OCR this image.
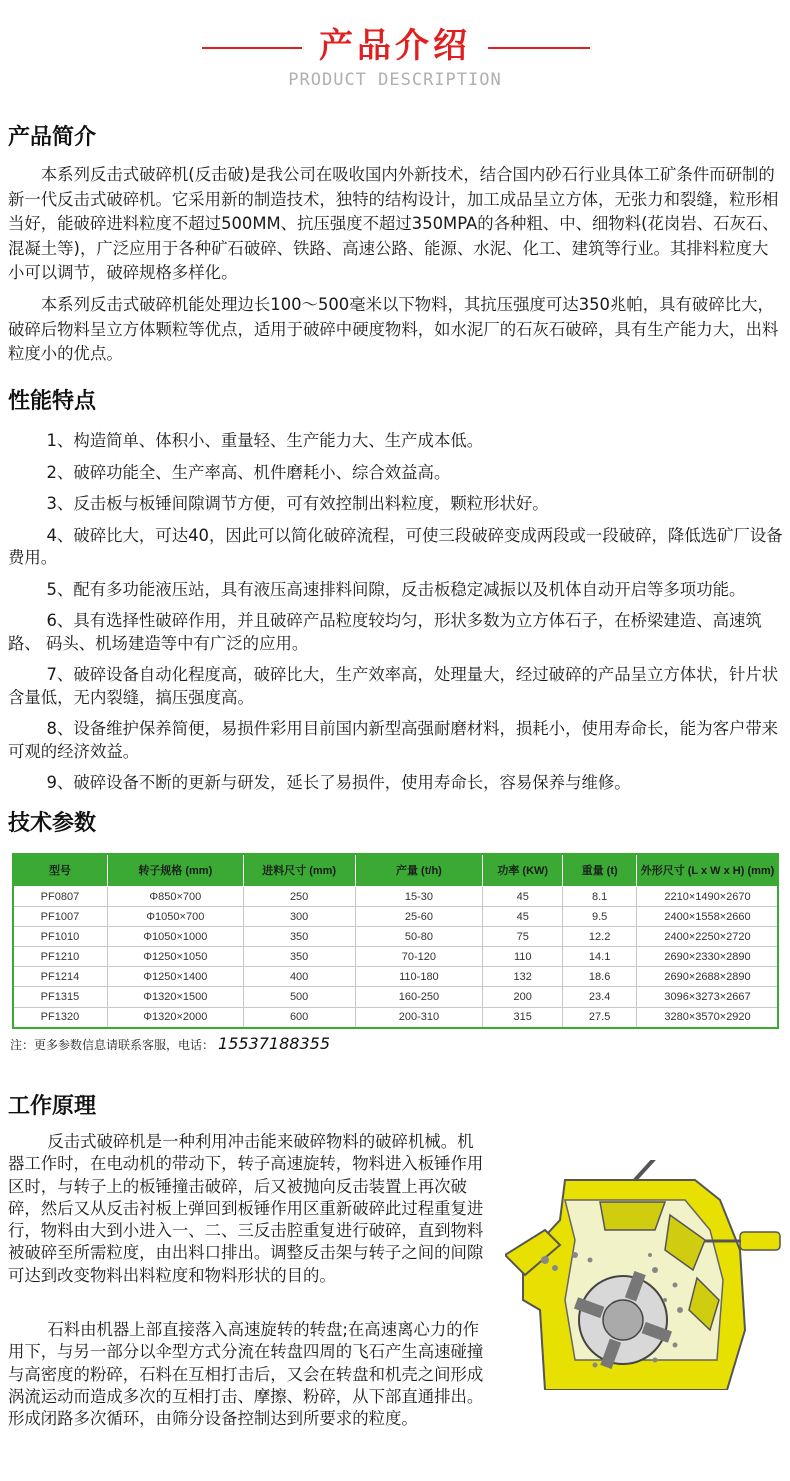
产品介绍
PRODUCT DESCRIPTION
产品简介

本系列反击式破碎机(反击破)是我公司在吸收国内外新技术，结合国内砂石行业具体工矿条件而研制的新一代反击式破碎机。它采用新的制造技术，独特的结构设计，加工成品呈立方体，无张力和裂缝，粒形相当好，能破碎进料粒度不超过500MM、抗压强度不超过350MPA的各种粗、中、细物料(花岗岩、石灰石、混凝土等)，广泛应用于各种矿石破碎、铁路、高速公路、能源、水泥、化工、建筑等行业。其排料粒度大小可以调节，破碎规格多样化。

本系列反击式破碎机能处理边长100～500毫米以下物料，其抗压强度可达350兆帕，具有破碎比大，破碎后物料呈立方体颗粒等优点，适用于破碎中硬度物料，如水泥厂的石灰石破碎，具有生产能力大，出料粒度小的优点。

性能特点

1、构造简单、体积小、重量轻、生产能力大、生产成本低。

2、破碎功能全、生产率高、机件磨耗小、综合效益高。

3、反击板与板锤间隙调节方便，可有效控制出料粒度，颗粒形状好。

4、破碎比大，可达40，因此可以简化破碎流程，可使三段破碎变成两段或一段破碎，降低选矿厂设备费用。

5、配有多功能液压站，具有液压高速排料间隙，反击板稳定减振以及机体自动开启等多项功能。

6、具有选择性破碎作用，并且破碎产品粒度较均匀，形状多数为立方体石子，在桥梁建造、高速筑路、 码头、机场建造等中有广泛的应用。

7、破碎设备自动化程度高，破碎比大，生产效率高，处理量大，经过破碎的产品呈立方体状，针片状含量低，无内裂缝，搞压强度高。

8、设备维护保养简便，易损件彩用目前国内新型高强耐磨材料，损耗小，使用寿命长，能为客户带来可观的经济效益。

9、破碎设备不断的更新与研发，延长了易损件，使用寿命长，容易保养与维修。

技术参数
型号	转子规格 (mm)	进料尺寸 (mm)	产量 (t/h)	功率 (KW)	重量 (t)	外形尺寸 (L x W x H) (mm)
PF0807	Φ850×700	250	15-30	45	8.1	2210×1490×2670
PF1007	Φ1050×700	300	25-60	45	9.5	2400×1558×2660
PF1010	Φ1050×1000	350	50-80	75	12.2	2400×2250×2720
PF1210	Φ1250×1050	350	70-120	110	14.1	2690×2330×2890
PF1214	Φ1250×1400	400	110-180	132	18.6	2690×2688×2890
PF1315	Φ1320×1500	500	160-250	200	23.4	3096×3273×2667
PF1320	Φ1320×2000	600	200-310	315	27.5	3280×3570×2920
注：更多参数信息请联系客服，电话： 15537188355
工作原理

反击式破碎机是一种利用冲击能来破碎物料的破碎机械。机器工作时，在电动机的带动下，转子高速旋转，物料进入板锤作用区时，与转子上的板锤撞击破碎，后又被抛向反击装置上再次破碎，然后又从反击衬板上弹回到板锤作用区重新破碎此过程重复进行，物料由大到小进入一、二、三反击腔重复进行破碎，直到物料被破碎至所需粒度，由出料口排出。调整反击架与转子之间的间隙可达到改变物料出料粒度和物料形状的目的。

石料由机器上部直接落入高速旋转的转盘;在高速离心力的作用下，与另一部分以伞型方式分流在转盘四周的飞石产生高速碰撞与高密度的粉碎，石料在互相打击后，又会在转盘和机壳之间形成涡流运动而造成多次的互相打击、摩擦、粉碎，从下部直通排出。形成闭路多次循环，由筛分设备控制达到所要求的粒度。
